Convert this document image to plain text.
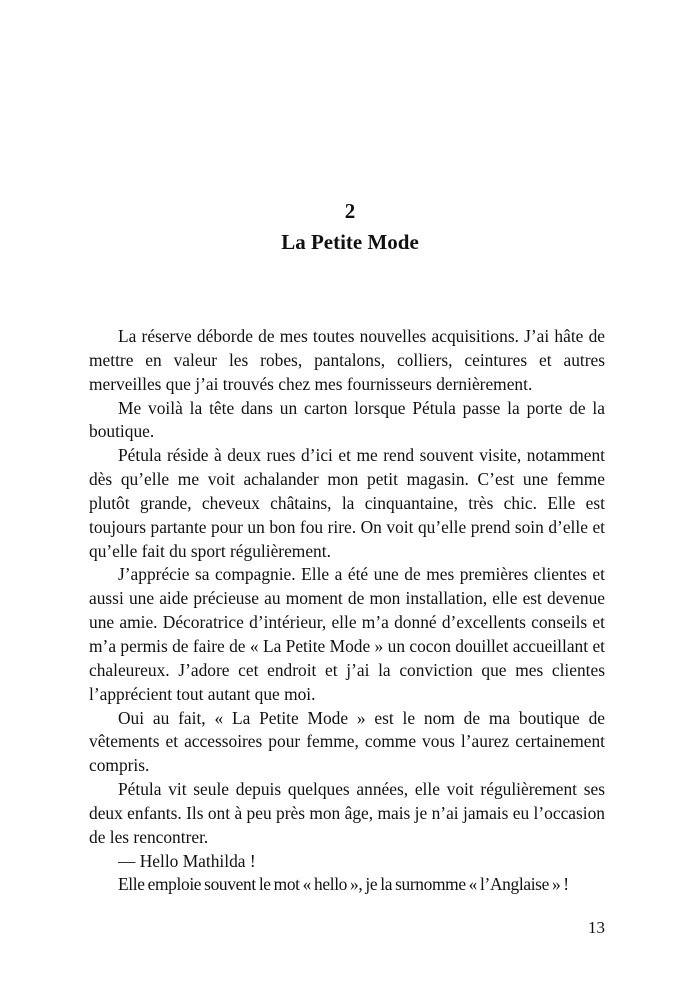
2
La Petite Mode

La réserve déborde de mes toutes nouvelles acquisitions. J’ai hâte de mettre en valeur les robes, pantalons, colliers, ceintures et autres merveilles que j’ai trouvés chez mes fournisseurs dernièrement.

Me voilà la tête dans un carton lorsque Pétula passe la porte de la boutique.

Pétula réside à deux rues d’ici et me rend souvent visite, notamment dès qu’elle me voit achalander mon petit magasin. C’est une femme plutôt grande, cheveux châtains, la cinquantaine, très chic. Elle est toujours partante pour un bon fou rire. On voit qu’elle prend soin d’elle et qu’elle fait du sport régulièrement.

J’apprécie sa compagnie. Elle a été une de mes premières clientes et aussi une aide précieuse au moment de mon installation, elle est devenue une amie. Décoratrice d’intérieur, elle m’a donné d’excellents conseils et m’a permis de faire de « La Petite Mode » un cocon douillet accueillant et chaleureux. J’adore cet endroit et j’ai la conviction que mes clientes l’apprécient tout autant que moi.

Oui au fait, « La Petite Mode » est le nom de ma boutique de vêtements et accessoires pour femme, comme vous l’aurez certainement compris.

Pétula vit seule depuis quelques années, elle voit régulièrement ses deux enfants. Ils ont à peu près mon âge, mais je n’ai jamais eu l’occasion de les rencontrer.

— Hello Mathilda !

Elle emploie souvent le mot « hello », je la surnomme « l’Anglaise » !

13
